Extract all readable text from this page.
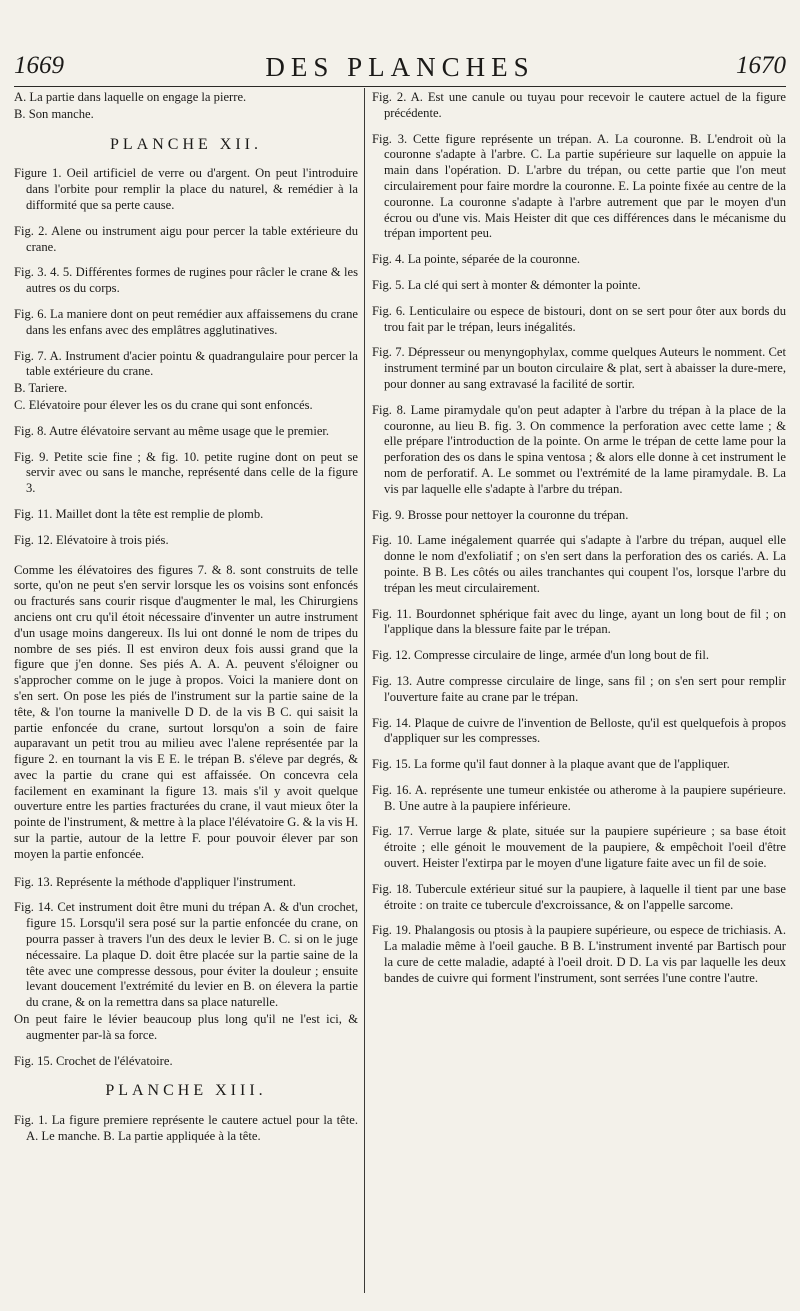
1669	DES PLANCHES	1670

A. La partie dans laquelle on engage la pierre.

B. Son manche.

PLANCHE XII.

Figure 1. Oeil artificiel de verre ou d'argent. On peut l'introduire dans l'orbite pour remplir la place du naturel, & remédier à la difformité que sa perte cause.

Fig. 2. Alene ou instrument aigu pour percer la table extérieure du crane.

Fig. 3. 4. 5. Différentes formes de rugines pour râcler le crane & les autres os du corps.

Fig. 6. La maniere dont on peut remédier aux affaissemens du crane dans les enfans avec des emplâtres agglutinatives.

Fig. 7. A. Instrument d'acier pointu & quadrangulaire pour percer la table extérieure du crane.

B. Tariere.

C. Elévatoire pour élever les os du crane qui sont enfoncés.

Fig. 8. Autre élévatoire servant au même usage que le premier.

Fig. 9. Petite scie fine ; & fig. 10. petite rugine dont on peut se servir avec ou sans le manche, représenté dans celle de la figure 3.

Fig. 11. Maillet dont la tête est remplie de plomb.

Fig. 12. Elévatoire à trois piés.

Comme les élévatoires des figures 7. & 8. sont construits de telle sorte, qu'on ne peut s'en servir lorsque les os voisins sont enfoncés ou fracturés sans courir risque d'augmenter le mal, les Chirurgiens anciens ont cru qu'il étoit nécessaire d'inventer un autre instrument d'un usage moins dangereux. Ils lui ont donné le nom de tripes du nombre de ses piés. Il est environ deux fois aussi grand que la figure que j'en donne. Ses piés A. A. A. peuvent s'éloigner ou s'approcher comme on le juge à propos. Voici la maniere dont on s'en sert. On pose les piés de l'instrument sur la partie saine de la tête, & l'on tourne la manivelle D D. de la vis B C. qui saisit la partie enfoncée du crane, surtout lorsqu'on a soin de faire auparavant un petit trou au milieu avec l'alene représentée par la figure 2. en tournant la vis E E. le trépan B. s'éleve par degrés, & avec la partie du crane qui est affaissée. On concevra cela facilement en examinant la figure 13. mais s'il y avoit quelque ouverture entre les parties fracturées du crane, il vaut mieux ôter la pointe de l'instrument, & mettre à la place l'élévatoire G. & la vis H. sur la partie, autour de la lettre F. pour pouvoir élever par son moyen la partie enfoncée.

Fig. 13. Représente la méthode d'appliquer l'instrument.

Fig. 14. Cet instrument doit être muni du trépan A. & d'un crochet, figure 15. Lorsqu'il sera posé sur la partie enfoncée du crane, on pourra passer à travers l'un des deux le levier B. C. si on le juge nécessaire. La plaque D. doit être placée sur la partie saine de la tête avec une compresse dessous, pour éviter la douleur ; ensuite levant doucement l'extrémité du levier en B. on élevera la partie du crane, & on la remettra dans sa place naturelle.

On peut faire le lévier beaucoup plus long qu'il ne l'est ici, & augmenter par-là sa force.

Fig. 15. Crochet de l'élévatoire.

PLANCHE XIII.

Fig. 1. La figure premiere représente le cautere actuel pour la tête. A. Le manche. B. La partie appliquée à la tête.

Fig. 2. A. Est une canule ou tuyau pour recevoir le cautere actuel de la figure précédente.

Fig. 3. Cette figure représente un trépan. A. La couronne. B. L'endroit où la couronne s'adapte à l'arbre. C. La partie supérieure sur laquelle on appuie la main dans l'opération. D. L'arbre du trépan, ou cette partie que l'on meut circulairement pour faire mordre la couronne. E. La pointe fixée au centre de la couronne. La couronne s'adapte à l'arbre autrement que par le moyen d'un écrou ou d'une vis. Mais Heister dit que ces différences dans le mécanisme du trépan importent peu.

Fig. 4. La pointe, séparée de la couronne.

Fig. 5. La clé qui sert à monter & démonter la pointe.

Fig. 6. Lenticulaire ou espece de bistouri, dont on se sert pour ôter aux bords du trou fait par le trépan, leurs inégalités.

Fig. 7. Dépresseur ou menyngophylax, comme quelques Auteurs le nomment. Cet instrument terminé par un bouton circulaire & plat, sert à abaisser la dure-mere, pour donner au sang extravasé la facilité de sortir.

Fig. 8. Lame piramydale qu'on peut adapter à l'arbre du trépan à la place de la couronne, au lieu B. fig. 3. On commence la perforation avec cette lame ; & elle prépare l'introduction de la pointe. On arme le trépan de cette lame pour la perforation des os dans le spina ventosa ; & alors elle donne à cet instrument le nom de perforatif. A. Le sommet ou l'extrémité de la lame piramydale. B. La vis par laquelle elle s'adapte à l'arbre du trépan.

Fig. 9. Brosse pour nettoyer la couronne du trépan.

Fig. 10. Lame inégalement quarrée qui s'adapte à l'arbre du trépan, auquel elle donne le nom d'exfoliatif ; on s'en sert dans la perforation des os cariés. A. La pointe. B B. Les côtés ou ailes tranchantes qui coupent l'os, lorsque l'arbre du trépan les meut circulairement.

Fig. 11. Bourdonnet sphérique fait avec du linge, ayant un long bout de fil ; on l'applique dans la blessure faite par le trépan.

Fig. 12. Compresse circulaire de linge, armée d'un long bout de fil.

Fig. 13. Autre compresse circulaire de linge, sans fil ; on s'en sert pour remplir l'ouverture faite au crane par le trépan.

Fig. 14. Plaque de cuivre de l'invention de Belloste, qu'il est quelquefois à propos d'appliquer sur les compresses.

Fig. 15. La forme qu'il faut donner à la plaque avant que de l'appliquer.

Fig. 16. A. représente une tumeur enkistée ou atherome à la paupiere supérieure. B. Une autre à la paupiere inférieure.

Fig. 17. Verrue large & plate, située sur la paupiere supérieure ; sa base étoit étroite ; elle génoit le mouvement de la paupiere, & empêchoit l'oeil d'être ouvert. Heister l'extirpa par le moyen d'une ligature faite avec un fil de soie.

Fig. 18. Tubercule extérieur situé sur la paupiere, à laquelle il tient par une base étroite : on traite ce tubercule d'excroissance, & on l'appelle sarcome.

Fig. 19. Phalangosis ou ptosis à la paupiere supérieure, ou espece de trichiasis. A. La maladie même à l'oeil gauche. B B. L'instrument inventé par Bartisch pour la cure de cette maladie, adapté à l'oeil droit. D D. La vis par laquelle les deux bandes de cuivre qui forment l'instrument, sont serrées l'une contre l'autre.
